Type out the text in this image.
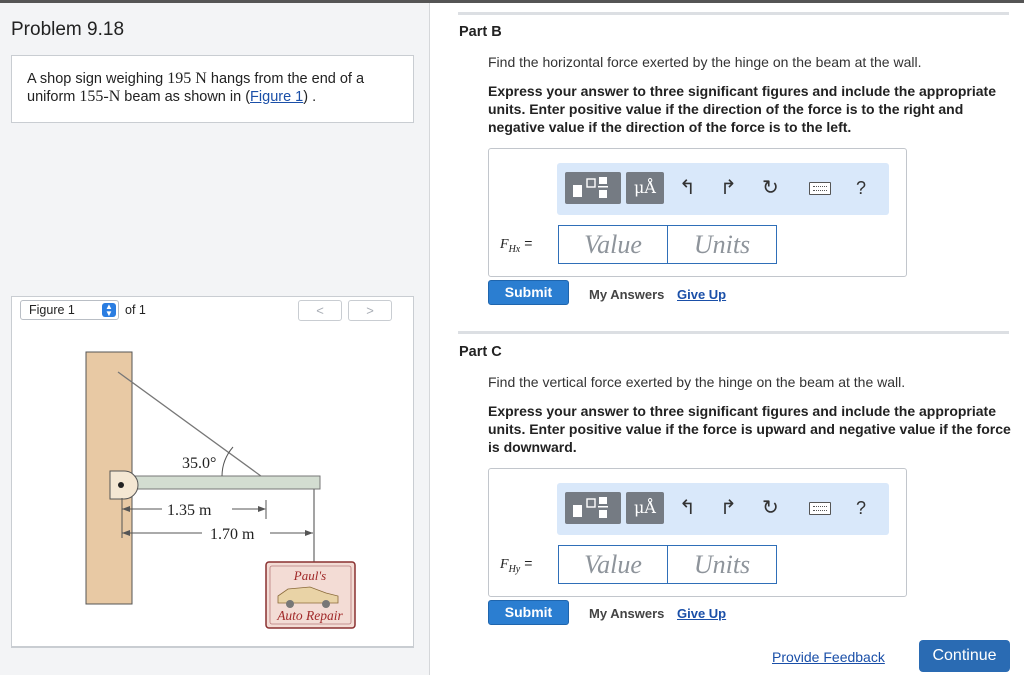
Problem 9.18
A shop sign weighing 195 N hangs from the end of a uniform 155-N beam as shown in (Figure 1) .
Figure 1	▲
▼ of 1	<	>
35.0°
1.35 m
1.70 m
Paul's
Auto Repair
Part B
Find the horizontal force exerted by the hinge on the beam at the wall.
Express your answer to three significant figures and include the appropriate units. Enter positive value if the direction of the force is to the right and negative value if the direction of the force is to the left.
μÅ	↰ ↱ ↻	?
$F_{Hx}$ =	Value	Units
Submit	My Answers Give Up
Part C
Find the vertical force exerted by the hinge on the beam at the wall.
Express your answer to three significant figures and include the appropriate units. Enter positive value if the force is upward and negative value if the force is downward.
μÅ	↰ ↱ ↻	?
$F_{Hy}$ =	Value	Units
Submit	My Answers Give Up
Provide Feedback	Continue
